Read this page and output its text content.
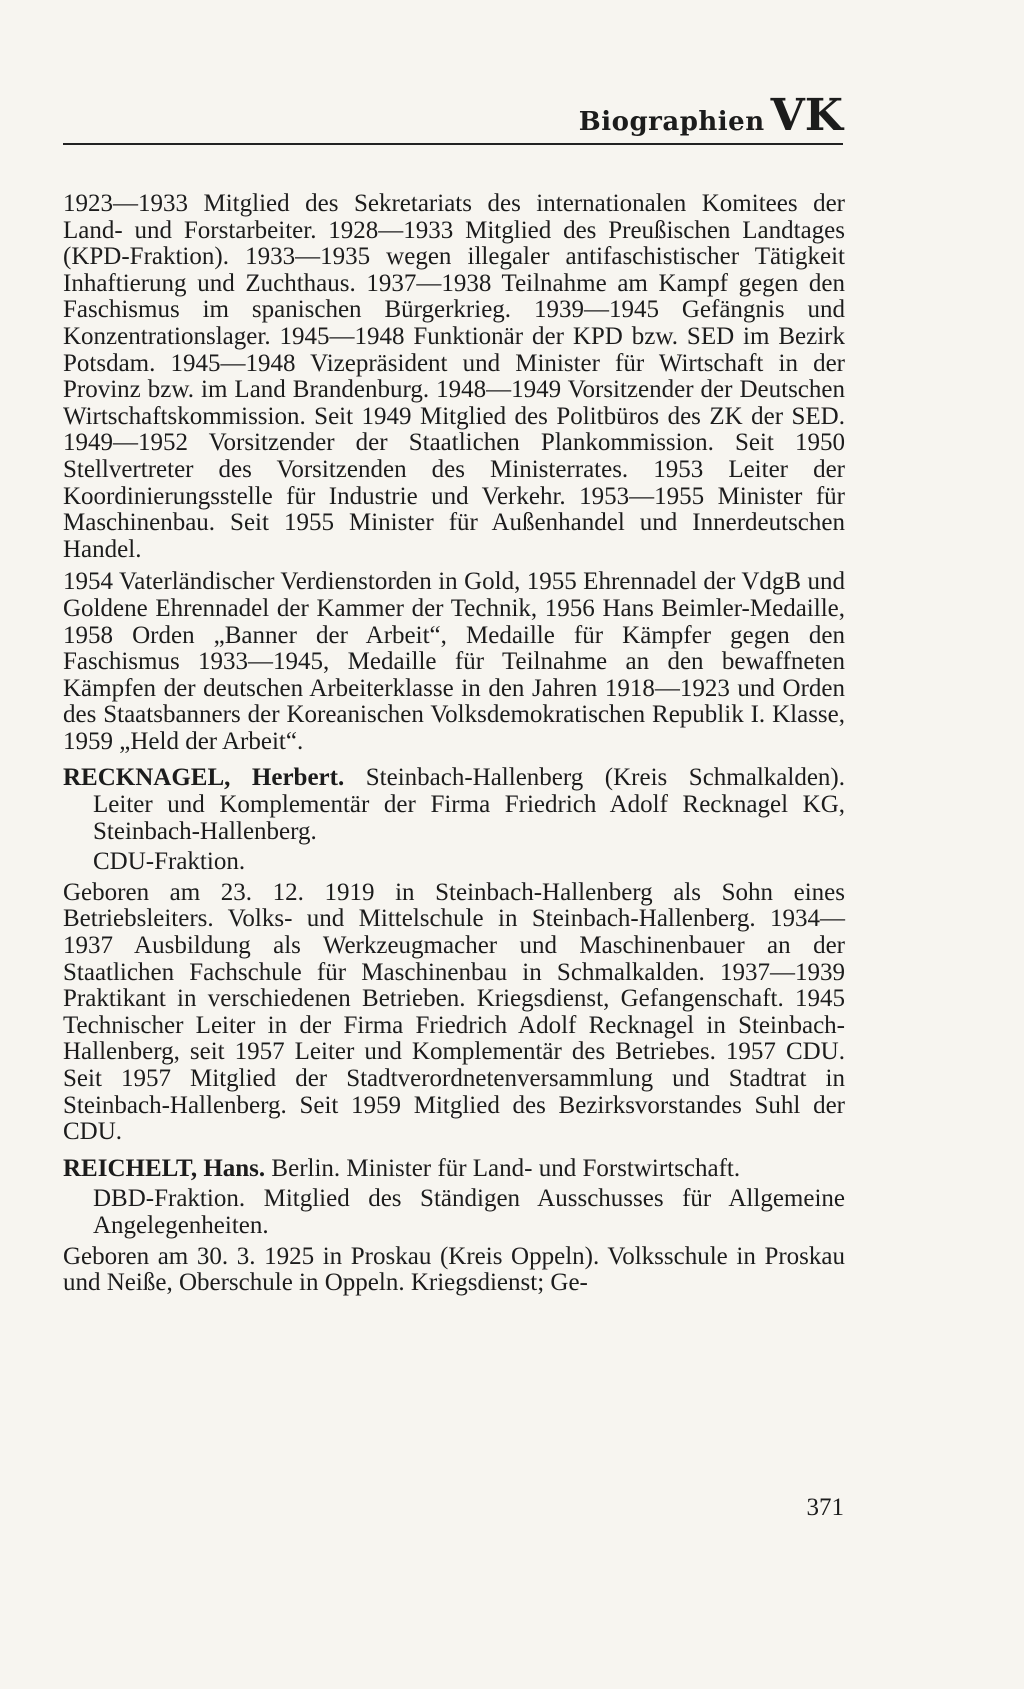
Biographien VK

1923—1933 Mitglied des Sekretariats des internationalen Komitees der Land- und Forstarbeiter. 1928—1933 Mitglied des Preußischen Landtages (KPD-Fraktion). 1933—1935 wegen illegaler antifaschistischer Tätigkeit Inhaftierung und Zuchthaus. 1937—1938 Teilnahme am Kampf gegen den Faschismus im spanischen Bürgerkrieg. 1939—1945 Gefängnis und Konzentrationslager. 1945—1948 Funktionär der KPD bzw. SED im Bezirk Potsdam. 1945—1948 Vizepräsident und Minister für Wirtschaft in der Provinz bzw. im Land Brandenburg. 1948—1949 Vorsitzender der Deutschen Wirtschaftskommission. Seit 1949 Mitglied des Politbüros des ZK der SED. 1949—1952 Vorsitzender der Staatlichen Plankommission. Seit 1950 Stellvertreter des Vorsitzenden des Ministerrates. 1953 Leiter der Koordinierungsstelle für Industrie und Verkehr. 1953—1955 Minister für Maschinenbau. Seit 1955 Minister für Außenhandel und Innerdeutschen Handel.

1954 Vaterländischer Verdienstorden in Gold, 1955 Ehrennadel der VdgB und Goldene Ehrennadel der Kammer der Technik, 1956 Hans Beimler-Medaille, 1958 Orden „Banner der Arbeit“, Medaille für Kämpfer gegen den Faschismus 1933—1945, Medaille für Teilnahme an den bewaffneten Kämpfen der deutschen Arbeiterklasse in den Jahren 1918—1923 und Orden des Staatsbanners der Koreanischen Volksdemokratischen Republik I. Klasse, 1959 „Held der Arbeit“.

RECKNAGEL, Herbert. Steinbach-Hallenberg (Kreis Schmalkalden). Leiter und Komplementär der Firma Friedrich Adolf Recknagel KG, Steinbach-Hallenberg.

CDU-Fraktion.

Geboren am 23. 12. 1919 in Steinbach-Hallenberg als Sohn eines Betriebsleiters. Volks- und Mittelschule in Steinbach-Hallenberg. 1934—1937 Ausbildung als Werkzeugmacher und Maschinenbauer an der Staatlichen Fachschule für Maschinenbau in Schmalkalden. 1937—1939 Praktikant in verschiedenen Betrieben. Kriegsdienst, Gefangenschaft. 1945 Technischer Leiter in der Firma Friedrich Adolf Recknagel in Steinbach-Hallenberg, seit 1957 Leiter und Komplementär des Betriebes. 1957 CDU. Seit 1957 Mitglied der Stadtverordnetenversammlung und Stadtrat in Steinbach-Hallenberg. Seit 1959 Mitglied des Bezirksvorstandes Suhl der CDU.

REICHELT, Hans. Berlin. Minister für Land- und Forstwirtschaft.

DBD-Fraktion. Mitglied des Ständigen Ausschusses für Allgemeine Angelegenheiten.

Geboren am 30. 3. 1925 in Proskau (Kreis Oppeln). Volksschule in Proskau und Neiße, Oberschule in Oppeln. Kriegsdienst; Ge-

371
